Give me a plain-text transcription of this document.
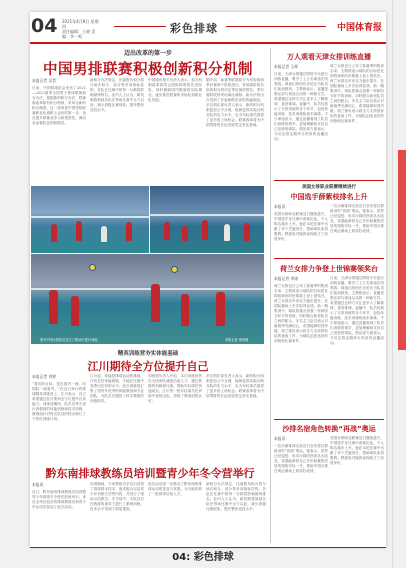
04 2021年4月8日 星期四
责任编辑：王晓 美编：李一鸣
彩色排球	中国体育报
迈出改革的第一步
中国男排联赛积极创新积分机制
本报记者 吴哲
日前，中国排球协会发布了2021—2022赛季全国男子排球联赛积分办法，根据新的积分办法，联赛将改革原有积分机制，采用全新的积分制度。这一改革是中国男排联赛职业化道路上迈出的第一步，旨在提升联赛竞争力和观赏性，调动各参赛队伍的积极性。
新积分办法规定，比赛胜负积分将与场次积分、局分等多项指标挂钩，各队在比赛中的每一分都将影响最终排名。业内人士认为，新机制将鼓励各队在每场比赛中全力以赴，减少消极比赛现象，提升整体竞技水平。
中国排协相关负责人表示，积分机制改革将结合国际排联的先进经验，同时兼顾国内联赛的实际情况，逐步推进联赛的市场化和职业化发展。
据介绍，新赛季联赛将分为常规赛和季后赛两个阶段进行。常规赛阶段各队的积分将决定季后赛的排位，季后赛阶段则采用淘汰赛制。新办法的出台受到了各参赛俱乐部的普遍欢迎。
多位俱乐部负责人表示，新的积分机制更加公平合理，能够更真实地反映各队的实力水平，也为年轻球员提供了更多的上场机会。联赛改革将为中国男排的长远发展奠定坚实基础。
图为中国女排队员在江门集训中进行训练。	本报记者 徐彤摄
精英训练营夯实体能基础
江川期待全方位提升自己
本报记者 刘婷
“我们的目标，是在国内一流、向国际一流看齐。”在近日举行的排球精英训练营上，江川表示，自己希望通过此次集训全方位提升自身能力。训练营期间，队员们每天进行高强度的体能训练和技术训练，教练组针对每名队员的特点制订了个性化训练计划。
江川说，体能是排球运动的基础，只有打好体能基础，才能在比赛中发挥出应有的水平。此次训练营汇集了国内外优秀的体能教练和专业团队，为队员们提供了科学系统的训练指导。
训练营负责人介绍，本次训练营旨在为国家队储备后备人才，通过系统的训练和比赛，帮助年轻球员快速成长。江川等一批年轻球员在训练中表现出色，得到了教练组的认可。
多位俱乐部负责人表示，新的积分机制更加公平合理，能够更真实地反映各队的实力水平，也为年轻球员提供了更多的上场机会。联赛改革将为中国男排的长远发展奠定坚实基础。
黔东南排球教练员培训暨青少年冬令营举行
本报讯
近日，黔东南州排球教练员培训暨青少年排球冬令营在凯里举行。来自全州各县市的排球教练员和青少年运动员参加了此次活动。
培训期间，专家教练为学员们讲授了排球基本技术、战术配合以及青少年训练方法等内容，并进行了现场示范教学。冬令营中，小队员们在教练的指导下进行了系统训练，技术水平得到了明显提高。
此次活动进一步推动了黔东南州排球运动的普及与发展，为当地培养了一批排球后备人才。
新积分办法规定，比赛胜负积分将与场次积分、局分等多项指标挂钩，各队在比赛中的每一分都将影响最终排名。业内人士认为，新机制将鼓励各队在每场比赛中全力以赴，减少消极比赛现象，提升整体竞技水平。
万人观看天津女排训练直播
本报记者 王辉
日前，天津女排通过网络平台进行训练直播，吸引了上万名球迷在线观看。球迷们纷纷在评论区为队员们加油鼓劲。主教练表示，直播是俱乐部与球迷互动的一种新方式，希望通过这种方式让更多人了解排球、喜爱排球。直播中，队员们展示了日常训练的各个环节，包括体能训练、技术训练和战术演练。不少球迷表示，通过直播看到了队员们训练的艰辛，更加理解和支持自己喜爱的球队。俱乐部方面表示，今后还将定期举办类似的直播活动。
荷兰女排近日公布了新赛季的集训名单，主教练表示球队的目标是在即将到来的世锦赛上登上领奖台。荷兰女排近年来实力稳步提升，在国际赛场上多次取得佳绩。新一期集训中，球队将重点加强一传和防守环节的训练，同时磨合新老队员之间的配合。多名主力队员表示对新赛季充满信心，希望能够取得突破。荷兰排协表示将全力支持国家队的备战工作，为球队创造良好的训练和比赛条件。
美国女排职业联赛继续进行
中国选手薛紫枝排名上升
本报讯
美国女排职业联赛近日继续进行，中国选手在比赛中表现出色，个人排名稳步上升。她在本轮比赛中贡献了多个关键得分，帮助球队取得胜利。教练组对她的表现给予了高度评价。
一位沙滩排球名宿近日宣布将以教练身份“再战”奥运。她表示，虽然已经退役，但对沙排的热爱从未改变，希望能够将自己多年积累的经验传授给年轻一代，帮助中国沙排在奥运赛场上取得好成绩。
荷兰女排力争登上世锦赛领奖台
本报记者 李刚
荷兰女排近日公布了新赛季的集训名单，主教练表示球队的目标是在即将到来的世锦赛上登上领奖台。荷兰女排近年来实力稳步提升，在国际赛场上多次取得佳绩。新一期集训中，球队将重点加强一传和防守环节的训练，同时磨合新老队员之间的配合。多名主力队员表示对新赛季充满信心，希望能够取得突破。荷兰排协表示将全力支持国家队的备战工作，为球队创造良好的训练和比赛条件。
日前，天津女排通过网络平台进行训练直播，吸引了上万名球迷在线观看。球迷们纷纷在评论区为队员们加油鼓劲。主教练表示，直播是俱乐部与球迷互动的一种新方式，希望通过这种方式让更多人了解排球、喜爱排球。直播中，队员们展示了日常训练的各个环节，包括体能训练、技术训练和战术演练。不少球迷表示，通过直播看到了队员们训练的艰辛，更加理解和支持自己喜爱的球队。俱乐部方面表示，今后还将定期举办类似的直播活动。
沙排名宿角色转换“再战”奥运
本报讯
一位沙滩排球名宿近日宣布将以教练身份“再战”奥运。她表示，虽然已经退役，但对沙排的热爱从未改变，希望能够将自己多年积累的经验传授给年轻一代，帮助中国沙排在奥运赛场上取得好成绩。
美国女排职业联赛近日继续进行，中国选手在比赛中表现出色，个人排名稳步上升。她在本轮比赛中贡献了多个关键得分，帮助球队取得胜利。教练组对她的表现给予了高度评价。
04: 彩色排球
